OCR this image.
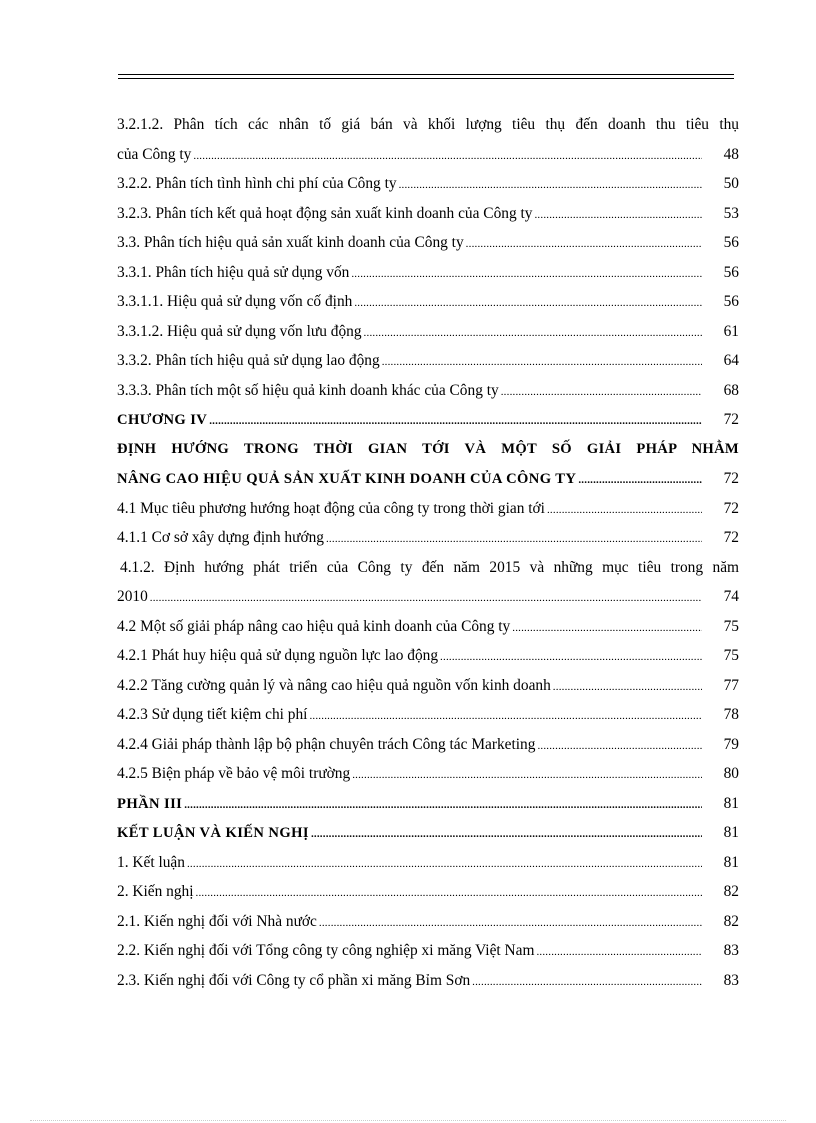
3.2.1.2. Phân tích các nhân tố giá bán và khối lượng tiêu thụ đến doanh thu tiêu thụ
của Công ty .....	48
3.2.2. Phân tích tình hình chi phí của Công ty .....	50
3.2.3. Phân tích kết quả hoạt động sản xuất kinh doanh của Công ty .....	53
3.3. Phân tích hiệu quả sản xuất kinh doanh của Công ty .....	56
3.3.1. Phân tích hiệu quả sử dụng vốn .....	56
3.3.1.1. Hiệu quả sử dụng vốn cố định .....	56
3.3.1.2. Hiệu quả sử dụng vốn lưu động .....	61
3.3.2. Phân tích hiệu quả sử dụng lao động .....	64
3.3.3. Phân tích một số hiệu quả kinh doanh khác của Công ty .....	68
CHƯƠNG IV .....	72
ĐỊNH HƯỚNG TRONG THỜI GIAN TỚI VÀ MỘT SỐ GIẢI PHÁP NHẰM
NÂNG CAO HIỆU QUẢ SẢN XUẤT KINH DOANH CỦA CÔNG TY .....	72
4.1 Mục tiêu phương hướng hoạt động của công ty trong thời gian tới .....	72
4.1.1 Cơ sở xây dựng định hướng .....	72
4.1.2. Định hướng phát triển của Công ty đến năm 2015 và những mục tiêu trong năm
2010 .....	74
4.2 Một số giải pháp nâng cao hiệu quả kinh doanh của Công ty .....	75
4.2.1 Phát huy hiệu quả sử dụng nguồn lực lao động .....	75
4.2.2 Tăng cường quản lý và nâng cao hiệu quả nguồn vốn kinh doanh .....	77
4.2.3 Sử dụng tiết kiệm chi phí .....	78
4.2.4 Giải pháp thành lập bộ phận chuyên trách Công tác Marketing .....	79
4.2.5 Biện pháp về bảo vệ môi trường .....	80
PHẦN III .....	81
KẾT LUẬN VÀ KIẾN NGHỊ .....	81
1. Kết luận .....	81
2. Kiến nghị .....	82
2.1. Kiến nghị đối với Nhà nước .....	82
2.2. Kiến nghị đối với Tổng công ty công nghiệp xi măng Việt Nam .....	83
2.3. Kiến nghị đối với Công ty cổ phần xi măng Bỉm Sơn .....	83
